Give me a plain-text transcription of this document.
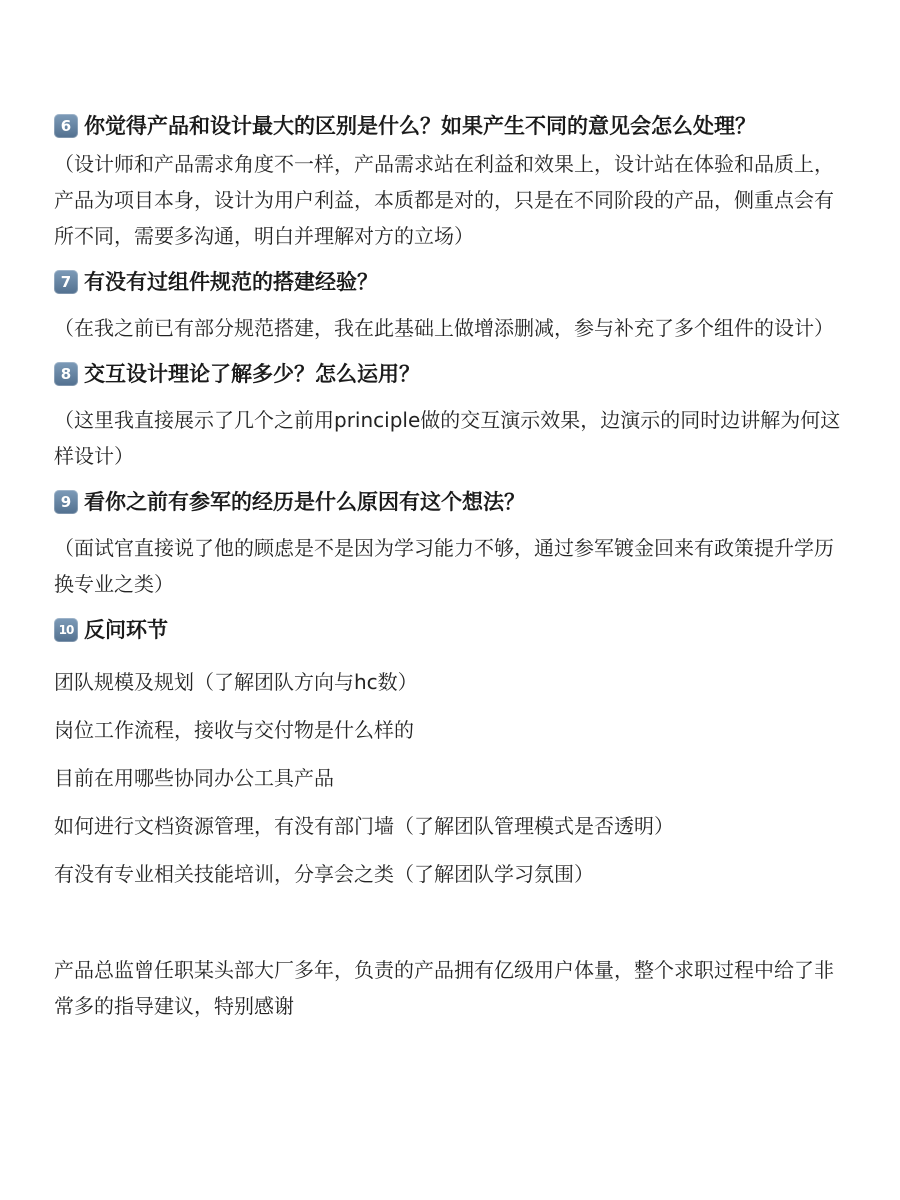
6 你觉得产品和设计最大的区别是什么？如果产生不同的意见会怎么处理？

（设计师和产品需求角度不一样，产品需求站在利益和效果上，设计站在体验和品质上，产品为项目本身，设计为用户利益，本质都是对的，只是在不同阶段的产品，侧重点会有所不同，需要多沟通，明白并理解对方的立场）

7 有没有过组件规范的搭建经验？

（在我之前已有部分规范搭建，我在此基础上做增添删减，参与补充了多个组件的设计）

8 交互设计理论了解多少？怎么运用？

（这里我直接展示了几个之前用principle做的交互演示效果，边演示的同时边讲解为何这样设计）

9 看你之前有参军的经历是什么原因有这个想法？

（面试官直接说了他的顾虑是不是因为学习能力不够，通过参军镀金回来有政策提升学历换专业之类）

10 反问环节

团队规模及规划（了解团队方向与hc数）

岗位工作流程，接收与交付物是什么样的

目前在用哪些协同办公工具产品

如何进行文档资源管理，有没有部门墙（了解团队管理模式是否透明）

有没有专业相关技能培训，分享会之类（了解团队学习氛围）

产品总监曾任职某头部大厂多年，负责的产品拥有亿级用户体量，整个求职过程中给了非常多的指导建议，特别感谢
